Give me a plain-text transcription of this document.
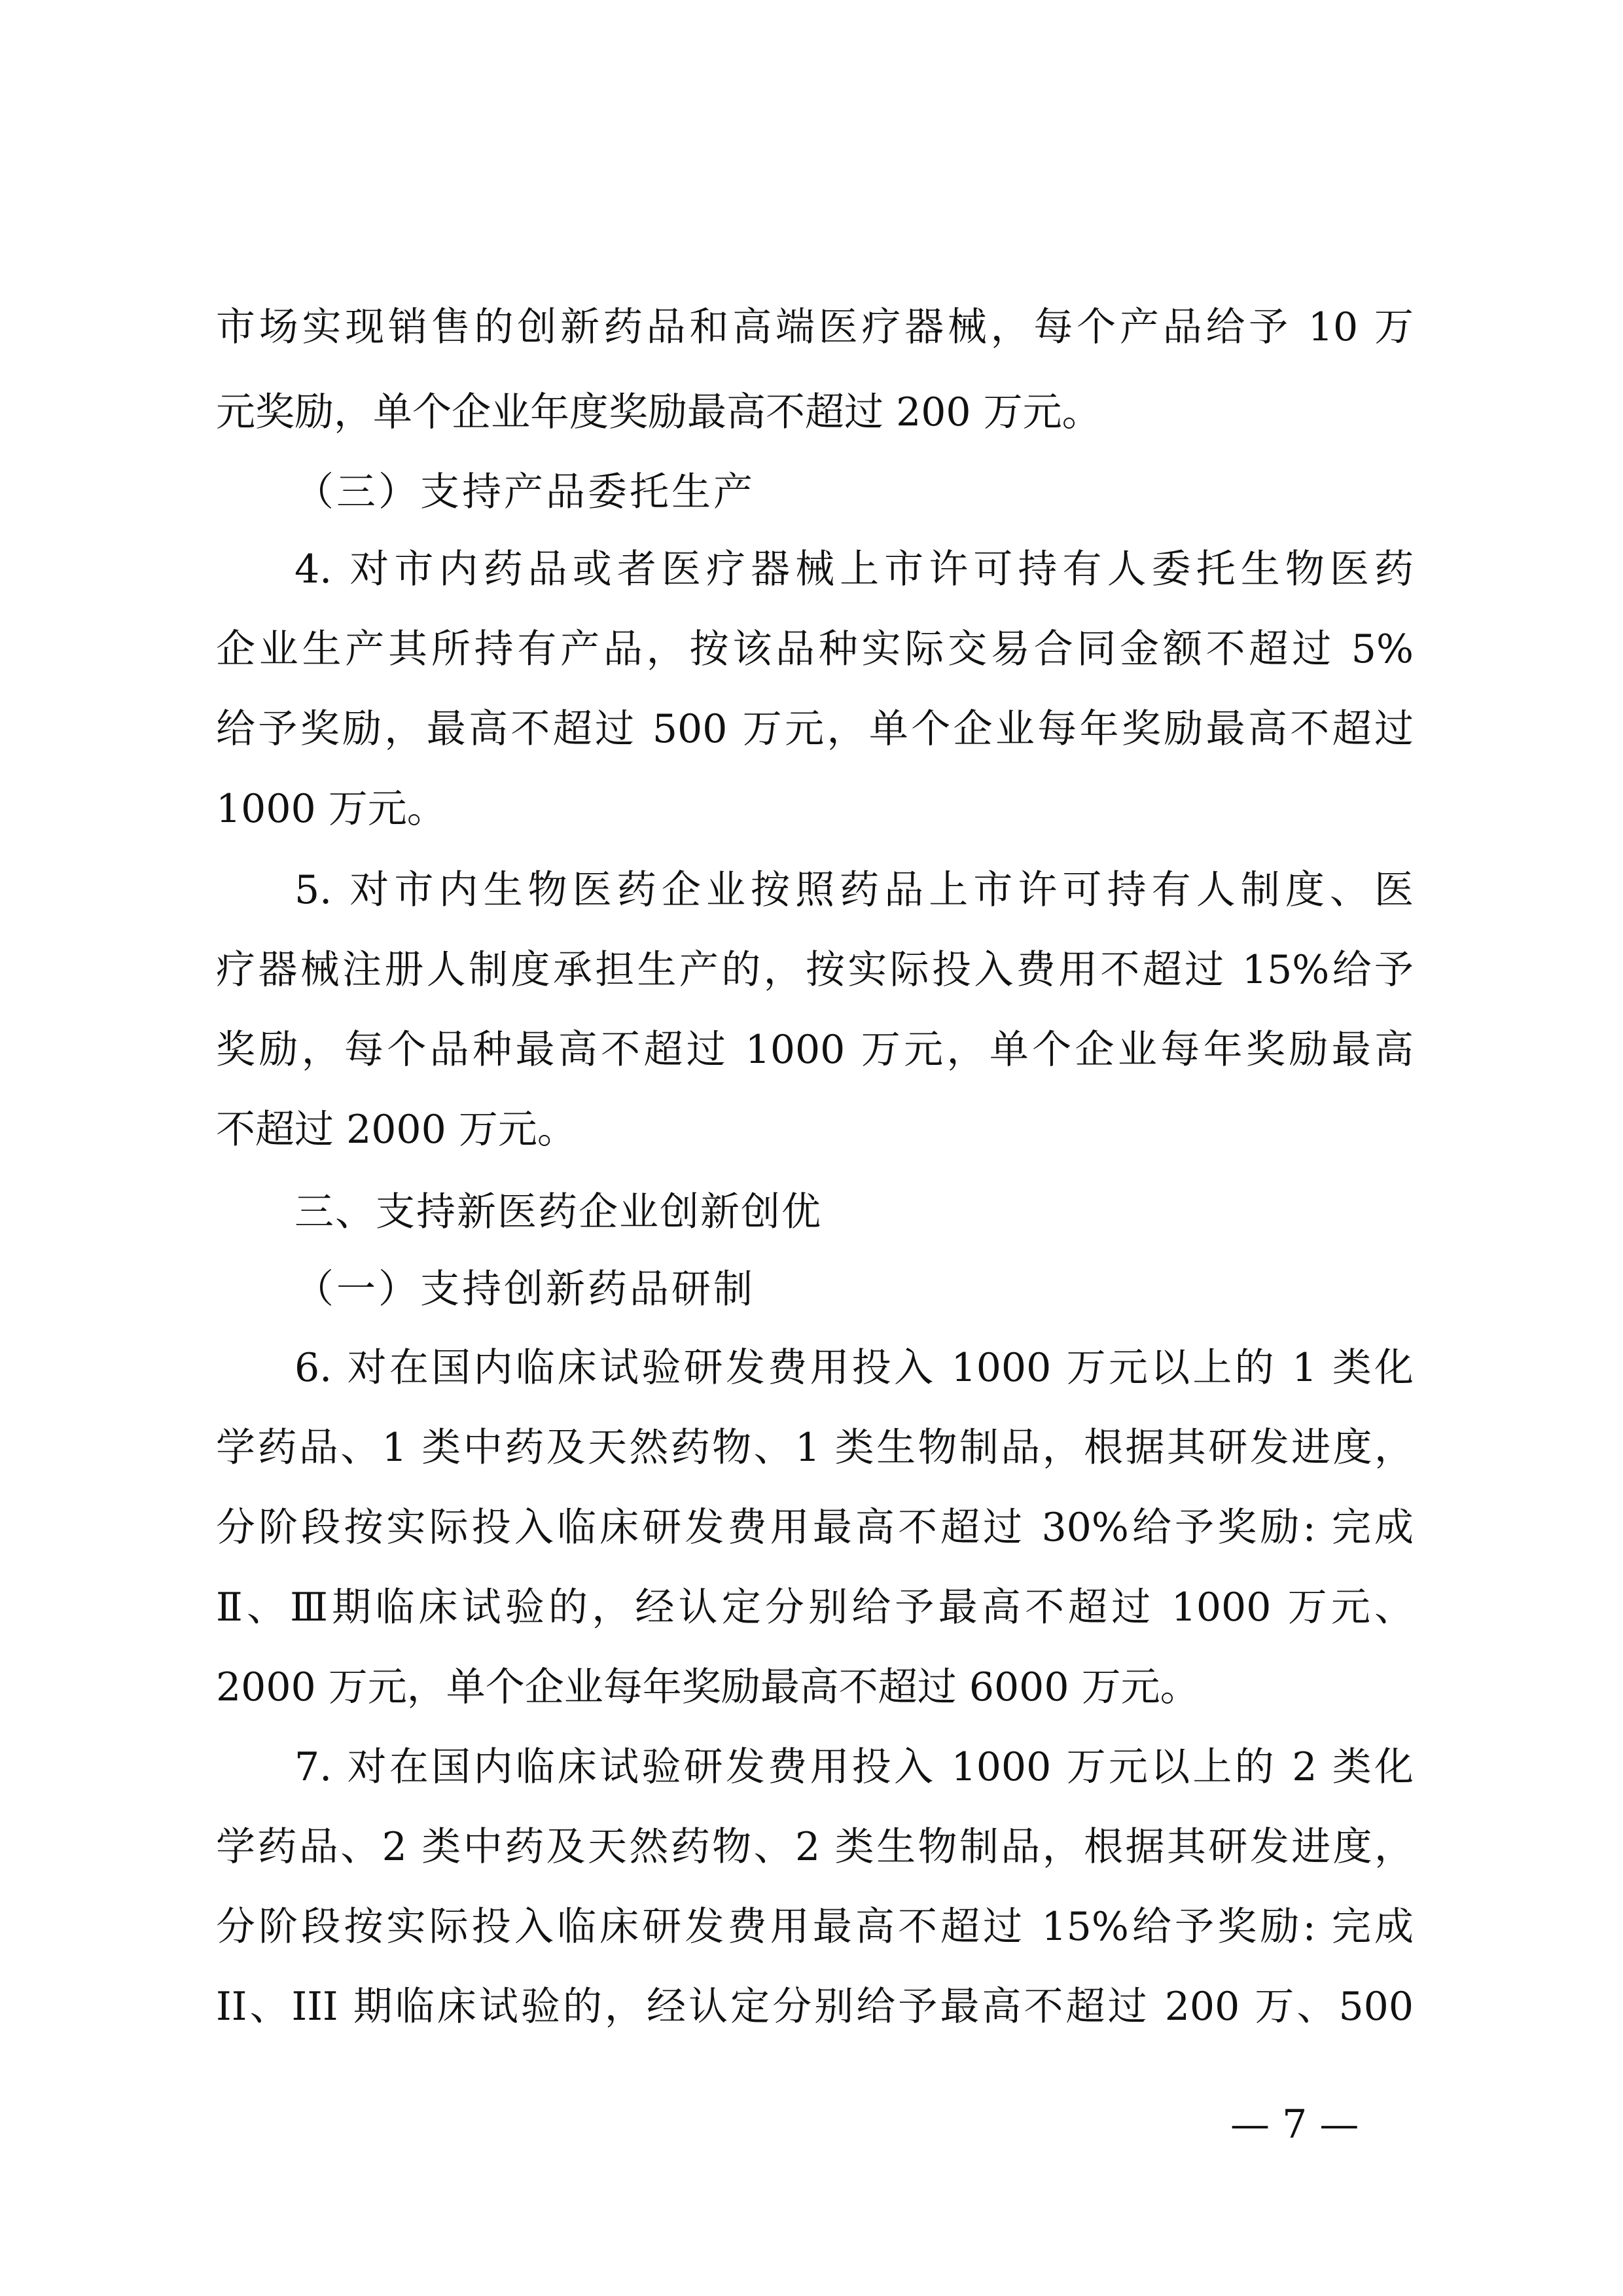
市场实现销售的创新药品和高端医疗器械，每个产品给予 10 万
元奖励，单个企业年度奖励最高不超过 200 万元。
（三）支持产品委托生产
4. 对市内药品或者医疗器械上市许可持有人委托生物医药
企业生产其所持有产品，按该品种实际交易合同金额不超过 5%
给予奖励，最高不超过 500 万元，单个企业每年奖励最高不超过
1000 万元。
5. 对市内生物医药企业按照药品上市许可持有人制度、医
疗器械注册人制度承担生产的，按实际投入费用不超过 15%给予
奖励，每个品种最高不超过 1000 万元，单个企业每年奖励最高
不超过 2000 万元。
三、支持新医药企业创新创优
（一）支持创新药品研制
6. 对在国内临床试验研发费用投入 1000 万元以上的 1 类化
学药品、1 类中药及天然药物、1 类生物制品，根据其研发进度，
分阶段按实际投入临床研发费用最高不超过 30%给予奖励: 完成
Ⅱ、Ⅲ期临床试验的，经认定分别给予最高不超过 1000 万元、
2000 万元，单个企业每年奖励最高不超过 6000 万元。
7. 对在国内临床试验研发费用投入 1000 万元以上的 2 类化
学药品、2 类中药及天然药物、2 类生物制品，根据其研发进度，
分阶段按实际投入临床研发费用最高不超过 15%给予奖励: 完成
II、III 期临床试验的，经认定分别给予最高不超过 200 万、500
— 7 —
